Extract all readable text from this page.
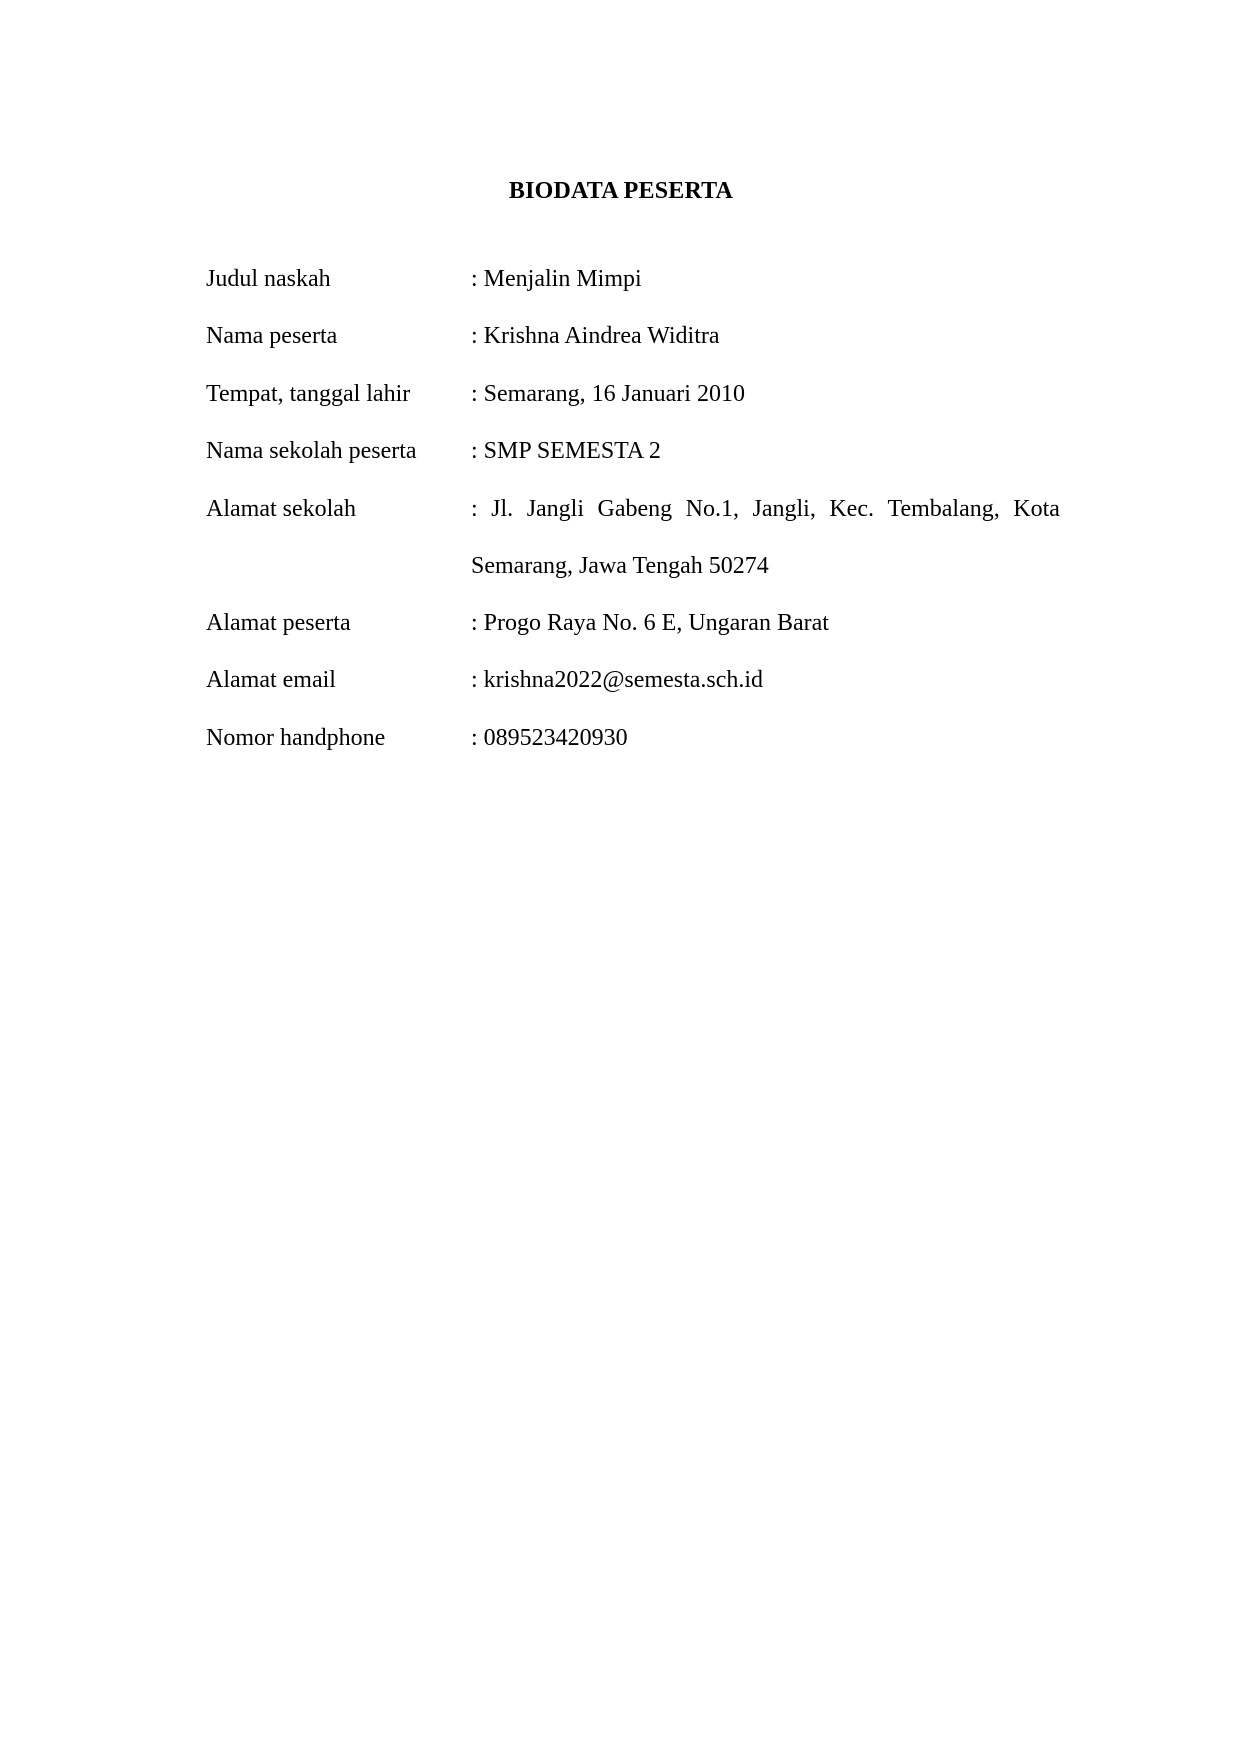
BIODATA PESERTA
Judul naskah	: Menjalin Mimpi
Nama peserta	: Krishna Aindrea Widitra
Tempat, tanggal lahir	: Semarang, 16 Januari 2010
Nama sekolah peserta : SMP SEMESTA 2
Alamat sekolah	: Jl. Jangli Gabeng No.1, Jangli, Kec. Tembalang, Kota
Semarang, Jawa Tengah 50274
Alamat peserta	: Progo Raya No. 6 E, Ungaran Barat
Alamat email	: krishna2022@semesta.sch.id
Nomor handphone	: 089523420930
